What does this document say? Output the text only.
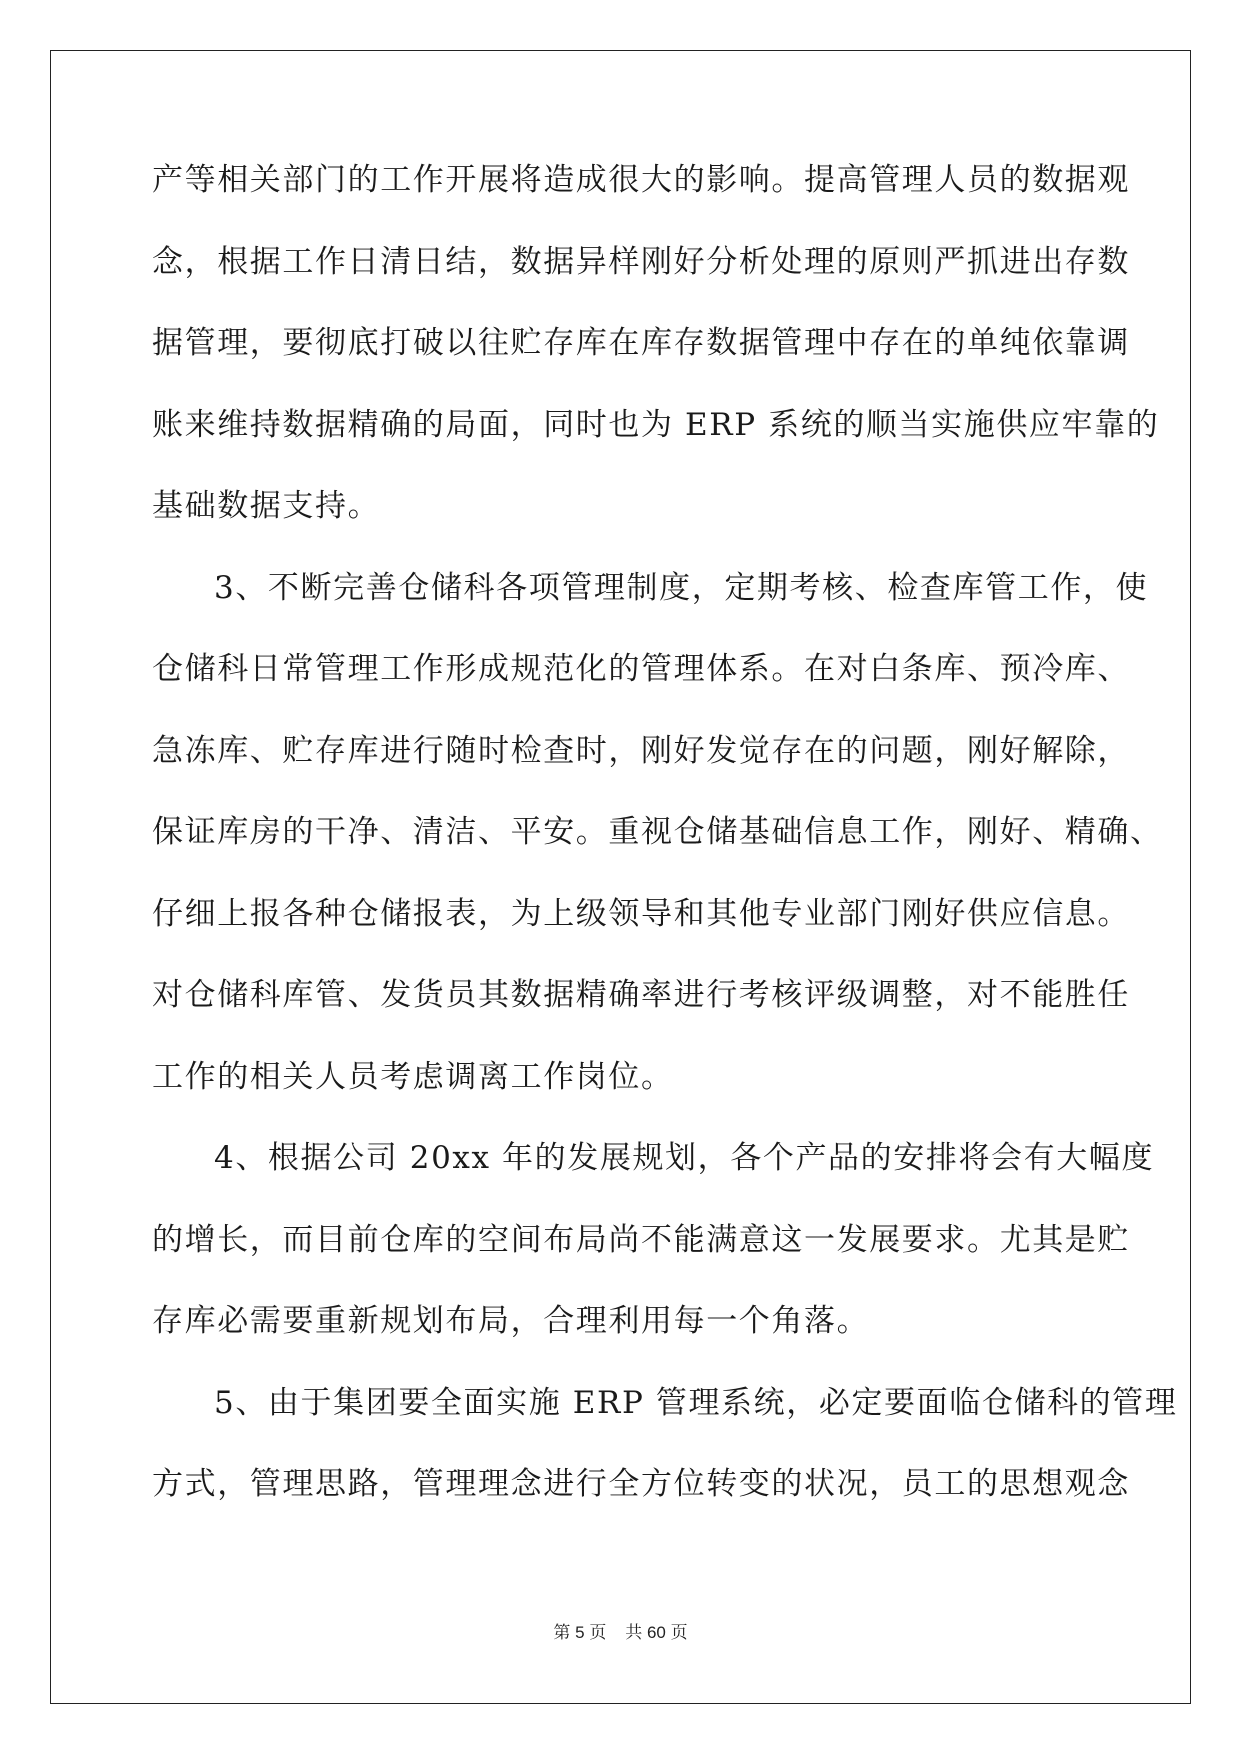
产等相关部门的工作开展将造成很大的影响。提高管理人员的数据观
念，根据工作日清日结，数据异样刚好分析处理的原则严抓进出存数
据管理，要彻底打破以往贮存库在库存数据管理中存在的单纯依靠调
账来维持数据精确的局面，同时也为 ERP 系统的顺当实施供应牢靠的
基础数据支持。
3、不断完善仓储科各项管理制度，定期考核、检查库管工作，使
仓储科日常管理工作形成规范化的管理体系。在对白条库、预冷库、
急冻库、贮存库进行随时检查时，刚好发觉存在的问题，刚好解除，
保证库房的干净、清洁、平安。重视仓储基础信息工作，刚好、精确、
仔细上报各种仓储报表，为上级领导和其他专业部门刚好供应信息。
对仓储科库管、发货员其数据精确率进行考核评级调整，对不能胜任
工作的相关人员考虑调离工作岗位。
4、根据公司 20xx 年的发展规划，各个产品的安排将会有大幅度
的增长，而目前仓库的空间布局尚不能满意这一发展要求。尤其是贮
存库必需要重新规划布局，合理利用每一个角落。
5、由于集团要全面实施 ERP 管理系统，必定要面临仓储科的管理
方式，管理思路，管理理念进行全方位转变的状况，员工的思想观念
第 5 页    共 60 页
